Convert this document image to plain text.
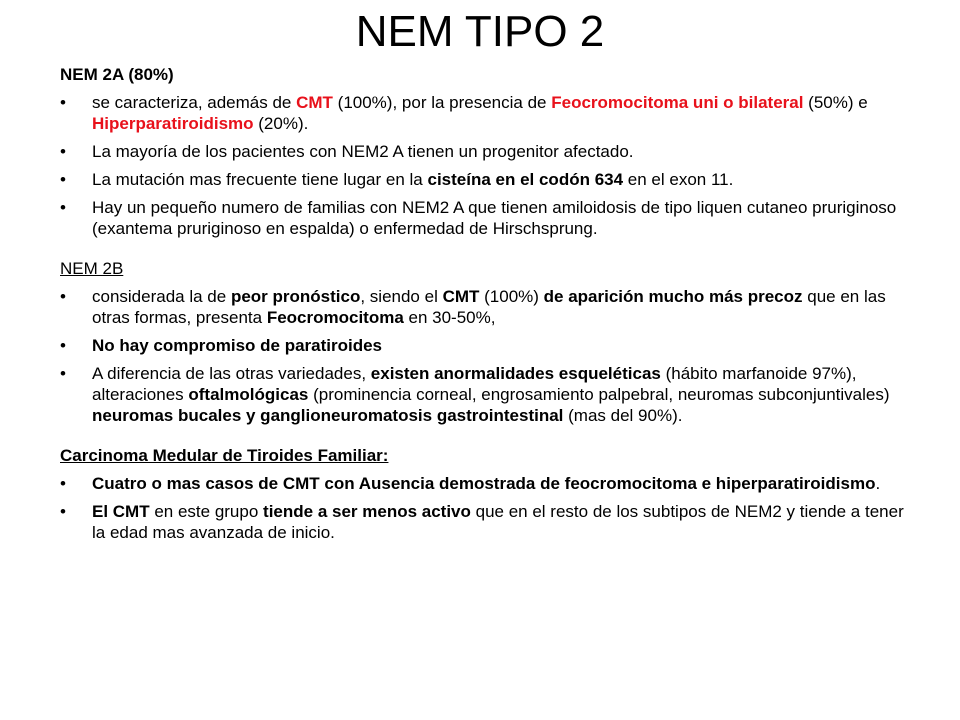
NEM TIPO 2
NEM 2A (80%)
• se caracteriza, además de CMT (100%), por la presencia de Feocromocitoma uni o bilateral (50%) e Hiperparatiroidismo (20%).
• La mayoría de los pacientes con NEM2 A tienen un progenitor afectado.
• La mutación mas frecuente tiene lugar en la cisteína en el codón 634 en el exon 11.
• Hay un pequeño numero de familias con NEM2 A que tienen amiloidosis de tipo liquen cutaneo pruriginoso (exantema pruriginoso en espalda) o enfermedad de Hirschsprung.
NEM 2B
• considerada la de peor pronóstico, siendo el CMT (100%) de aparición mucho más precoz que en las otras formas, presenta Feocromocitoma en 30-50%,
• No hay compromiso de paratiroides
• A diferencia de las otras variedades, existen anormalidades esqueléticas (hábito marfanoide 97%), alteraciones oftalmológicas (prominencia corneal, engrosamiento palpebral, neuromas subconjuntivales) neuromas bucales y ganglioneuromatosis gastrointestinal (mas del 90%).
Carcinoma Medular de Tiroides Familiar:
• Cuatro o mas casos de CMT con Ausencia demostrada de feocromocitoma e hiperparatiroidismo.
• El CMT en este grupo tiende a ser menos activo que en el resto de los subtipos de NEM2 y tiende a tener la edad mas avanzada de inicio.
